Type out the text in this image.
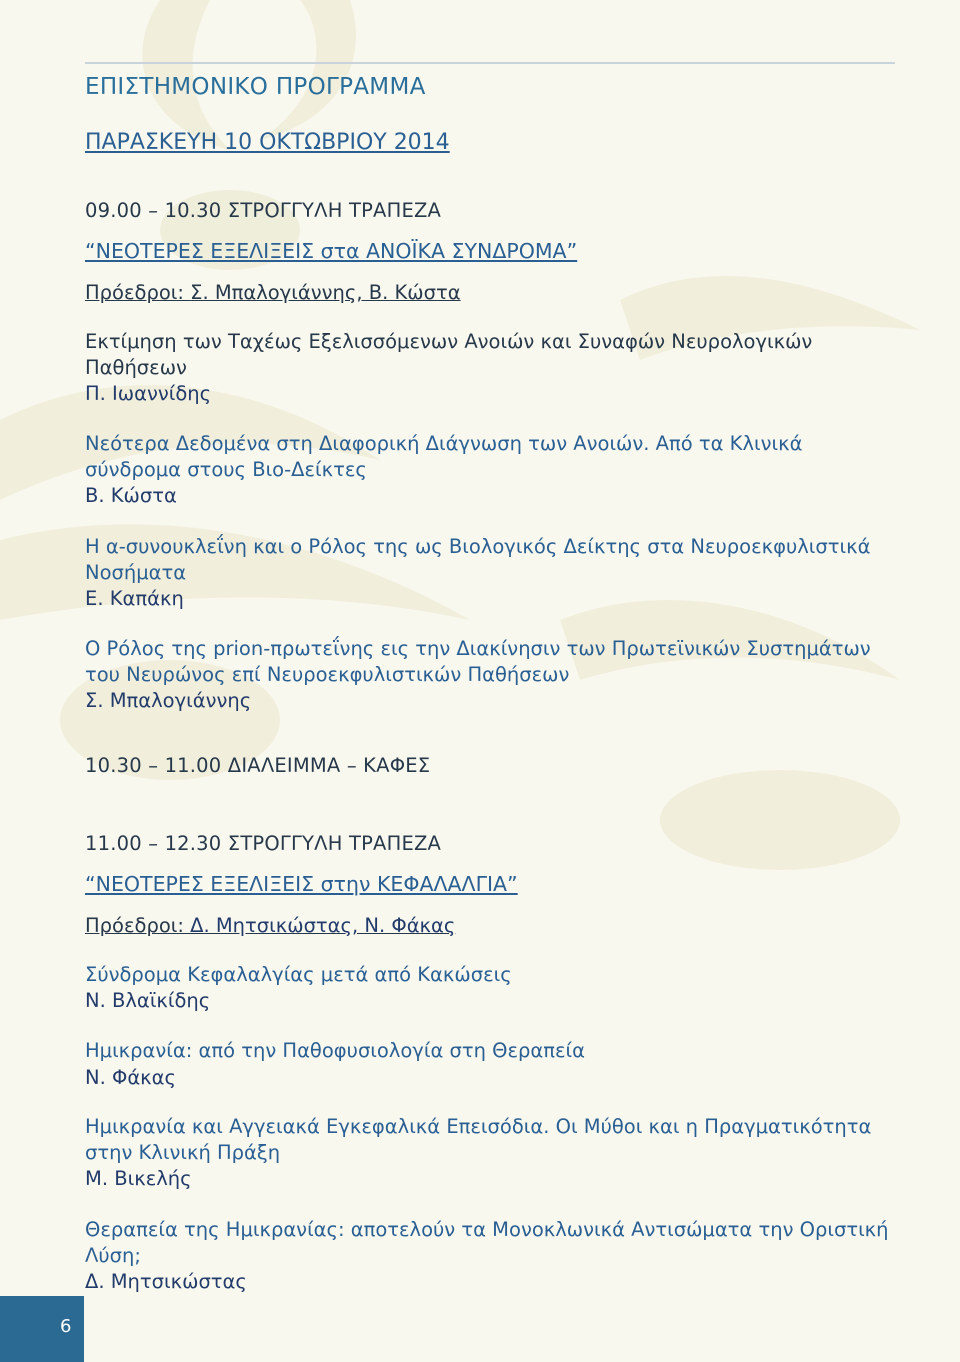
ΕΠΙΣΤΗΜΟΝΙΚΟ ΠΡΟΓΡΑΜΜΑ
ΠΑΡΑΣΚΕΥΗ 10 ΟΚΤΩΒΡΙΟΥ 2014

09.00 – 10.30 ΣΤΡΟΓΓΥΛΗ ΤΡΑΠΕΖΑ

“ΝΕΟΤΕΡΕΣ ΕΞΕΛΙΞΕΙΣ στα ΑΝΟΪΚΑ ΣΥΝΔΡΟΜΑ”

Πρόεδροι: Σ. Μπαλογιάννης, Β. Κώστα

Εκτίμηση των Ταχέως Εξελισσόμενων Ανοιών και Συναφών Νευρολογικών Παθήσεων

Π. Ιωαννίδης

Νεότερα Δεδομένα στη Διαφορική Διάγνωση των Ανοιών. Από τα Κλινικά σύνδρομα στους Βιο-Δείκτες

Β. Κώστα

Η α-συνουκλεΐνη και ο Ρόλος της ως Βιολογικός Δείκτης στα Νευροεκφυλιστικά Νοσήματα

Ε. Καπάκη

Ο Ρόλος της prion-πρωτεΐνης εις την Διακίνησιν των Πρωτεϊνικών Συστημάτων του Νευρώνος επί Νευροεκφυλιστικών Παθήσεων

Σ. Μπαλογιάννης

10.30 – 11.00 ΔΙΑΛΕΙΜΜΑ – ΚΑΦΕΣ

11.00 – 12.30 ΣΤΡΟΓΓΥΛΗ ΤΡΑΠΕΖΑ

“ΝΕΟΤΕΡΕΣ ΕΞΕΛΙΞΕΙΣ στην ΚΕΦΑΛΑΛΓΙΑ”

Πρόεδροι: Δ. Μητσικώστας, Ν. Φάκας

Σύνδρομα Κεφαλαλγίας μετά από Κακώσεις

Ν. Βλαϊκίδης

Ημικρανία: από την Παθοφυσιολογία στη Θεραπεία

Ν. Φάκας

Ημικρανία και Αγγειακά Εγκεφαλικά Επεισόδια. Οι Μύθοι και η Πραγματικότητα στην Κλινική Πράξη

Μ. Βικελής

Θεραπεία της Ημικρανίας: αποτελούν τα Μονοκλωνικά Αντισώματα την Οριστική Λύση;

Δ. Μητσικώστας

6
